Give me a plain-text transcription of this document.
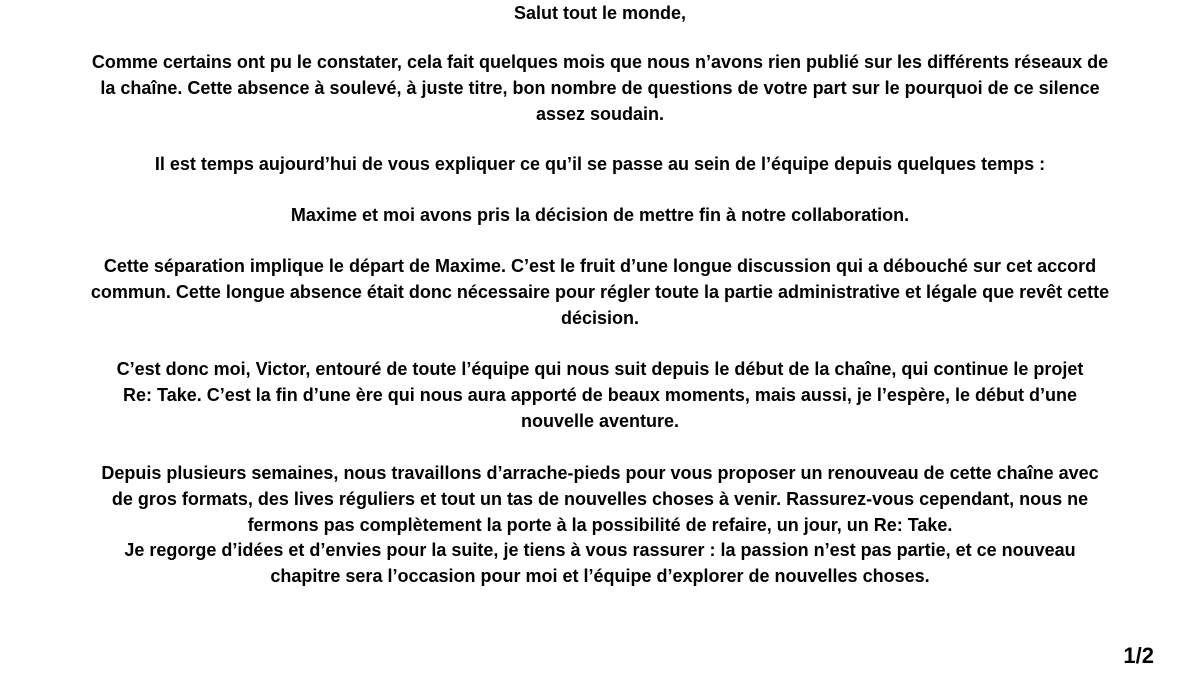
Salut tout le monde,
Comme certains ont pu le constater, cela fait quelques mois que nous n’avons rien publié sur les différents réseaux de
la chaîne. Cette absence à soulevé, à juste titre, bon nombre de questions de votre part sur le pourquoi de ce silence
assez soudain.
Il est temps aujourd’hui de vous expliquer ce qu’il se passe au sein de l’équipe depuis quelques temps :
Maxime et moi avons pris la décision de mettre fin à notre collaboration.
Cette séparation implique le départ de Maxime. C’est le fruit d’une longue discussion qui a débouché sur cet accord
commun. Cette longue absence était donc nécessaire pour régler toute la partie administrative et légale que revêt cette
décision.
C’est donc moi, Victor, entouré de toute l’équipe qui nous suit depuis le début de la chaîne, qui continue le projet
Re: Take. C’est la fin d’une ère qui nous aura apporté de beaux moments, mais aussi, je l’espère, le début d’une
nouvelle aventure.
Depuis plusieurs semaines, nous travaillons d’arrache-pieds pour vous proposer un renouveau de cette chaîne avec
de gros formats, des lives réguliers et tout un tas de nouvelles choses à venir. Rassurez-vous cependant, nous ne
fermons pas complètement la porte à la possibilité de refaire, un jour, un Re: Take.
Je regorge d’idées et d’envies pour la suite, je tiens à vous rassurer : la passion n’est pas partie, et ce nouveau
chapitre sera l’occasion pour moi et l’équipe d’explorer de nouvelles choses.
1/2
